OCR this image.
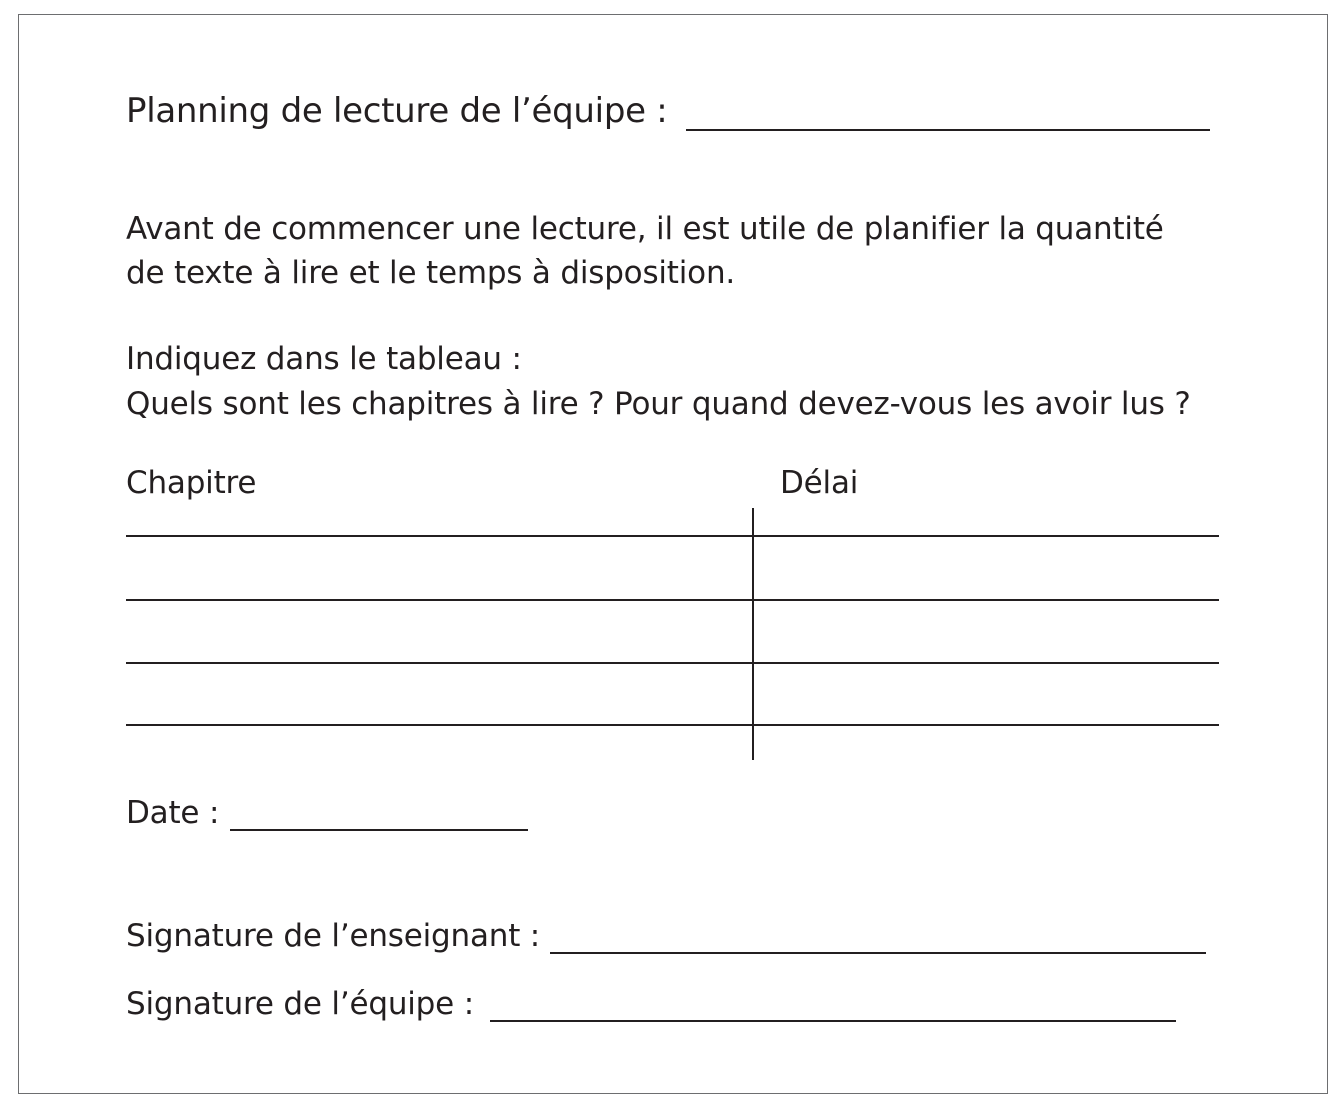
Planning de lecture de l’équipe :
Avant de commencer une lecture, il est utile de planifier la quantité
de texte à lire et le temps à disposition.
Indiquez dans le tableau :
Quels sont les chapitres à lire ? Pour quand devez-vous les avoir lus ?
Chapitre	Délai
Date :
Signature de l’enseignant :
Signature de l’équipe :
